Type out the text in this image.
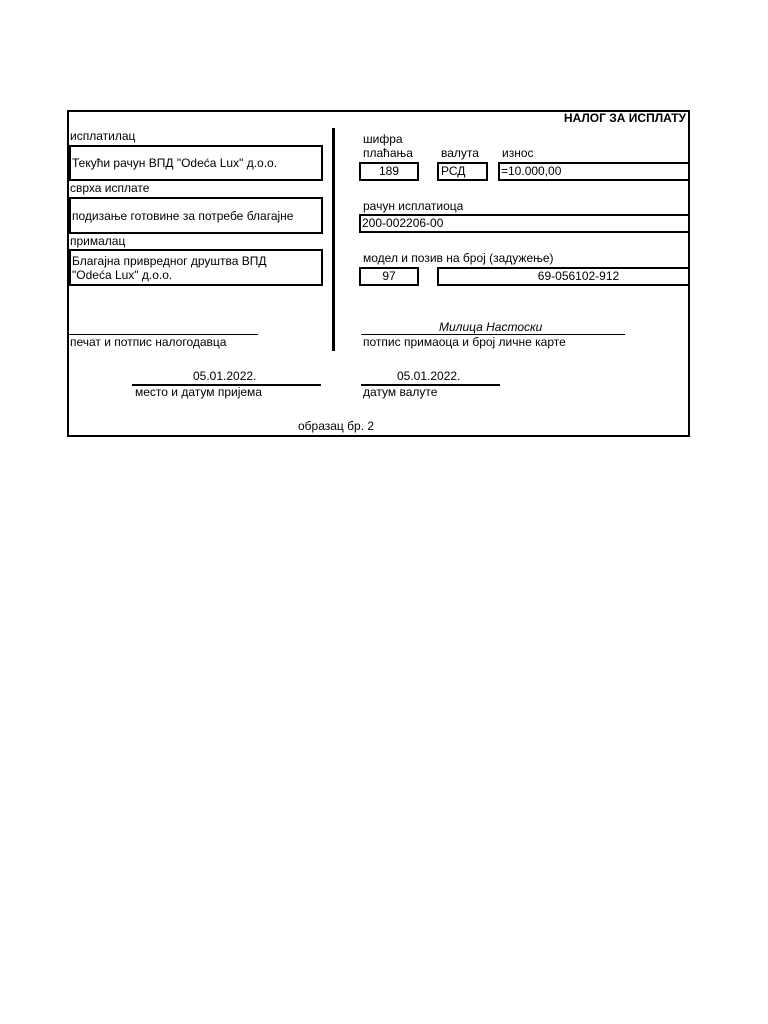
НАЛОГ ЗА ИСПЛАТУ
исплатилац
Текући рачун ВПД "Odeća Lux" д.о.о.
сврха исплате
подизање готовине за потребе благајне
прималац
Благајна привредног друштва ВПД
"Odeća Lux" д.о.о.
печат и потпис налогодавца
шифра
плаћања валута износ
189	РСД	=10.000,00
рачун исплатиоца
200-002206-00
модел и позив на број (задужење)
97	69-056102-912
Милица Настоски
потпис примаоца и број личне карте
05.01.2022.
место и датум пријема
05.01.2022.
датум валуте
образац бр. 2
